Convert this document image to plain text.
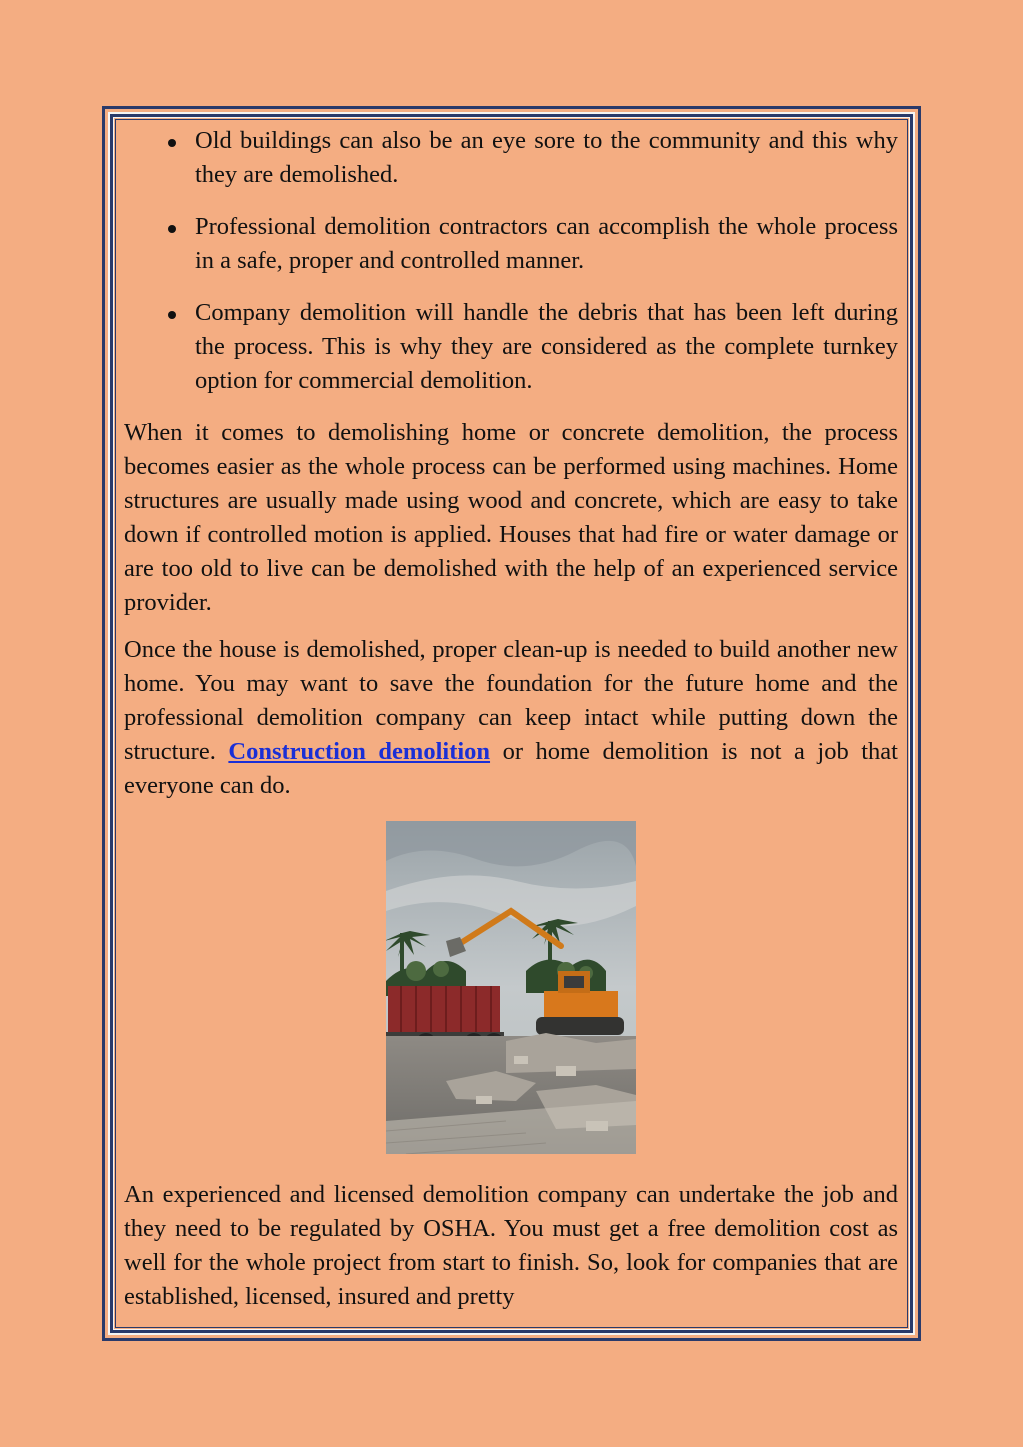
Old buildings can also be an eye sore to the community and this why they are demolished.
Professional demolition contractors can accomplish the whole process in a safe, proper and controlled manner.
Company demolition will handle the debris that has been left during the process. This is why they are considered as the complete turnkey option for commercial demolition.

When it comes to demolishing home or concrete demolition, the process becomes easier as the whole process can be performed using machines. Home structures are usually made using wood and concrete, which are easy to take down if controlled motion is applied. Houses that had fire or water damage or are too old to live can be demolished with the help of an experienced service provider.

Once the house is demolished, proper clean-up is needed to build another new home. You may want to save the foundation for the future home and the professional demolition company can keep intact while putting down the structure. Construction demolition or home demolition is not a job that everyone can do.

An experienced and licensed demolition company can undertake the job and they need to be regulated by OSHA. You must get a free demolition cost as well for the whole project from start to finish. So, look for companies that are established, licensed, insured and pretty
